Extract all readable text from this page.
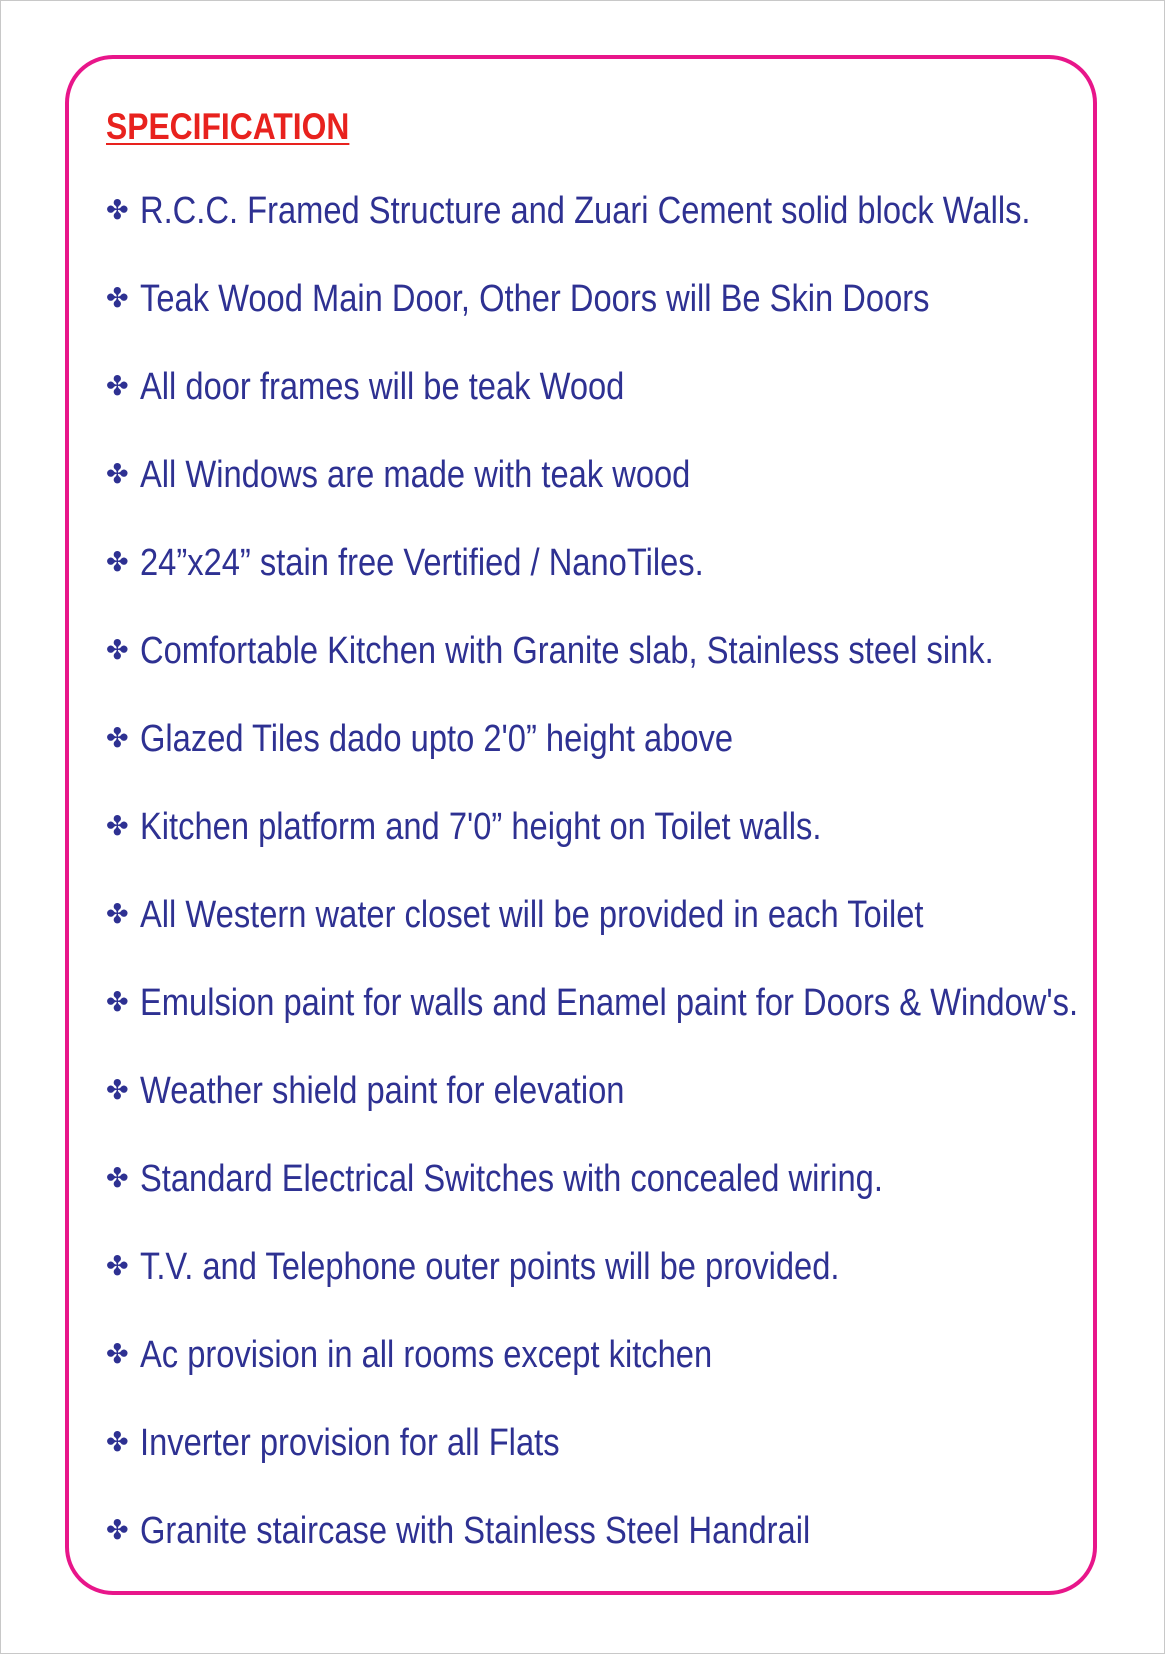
SPECIFICATION
✤ R.C.C. Framed Structure and Zuari Cement solid block Walls.
✤ Teak Wood Main Door, Other Doors will Be Skin Doors
✤ All door frames will be teak Wood
✤ All Windows are made with teak wood
✤ 24”x24” stain free Vertified / NanoTiles.
✤ Comfortable Kitchen with Granite slab, Stainless steel sink.
✤ Glazed Tiles dado upto 2'0” height above
✤ Kitchen platform and 7'0” height on Toilet walls.
✤ All Western water closet will be provided in each Toilet
✤ Emulsion paint for walls and Enamel paint for Doors & Window's.
✤ Weather shield paint for elevation
✤ Standard Electrical Switches with concealed wiring.
✤ T.V. and Telephone outer points will be provided.
✤ Ac provision in all rooms except kitchen
✤ Inverter provision for all Flats
✤ Granite staircase with Stainless Steel Handrail
